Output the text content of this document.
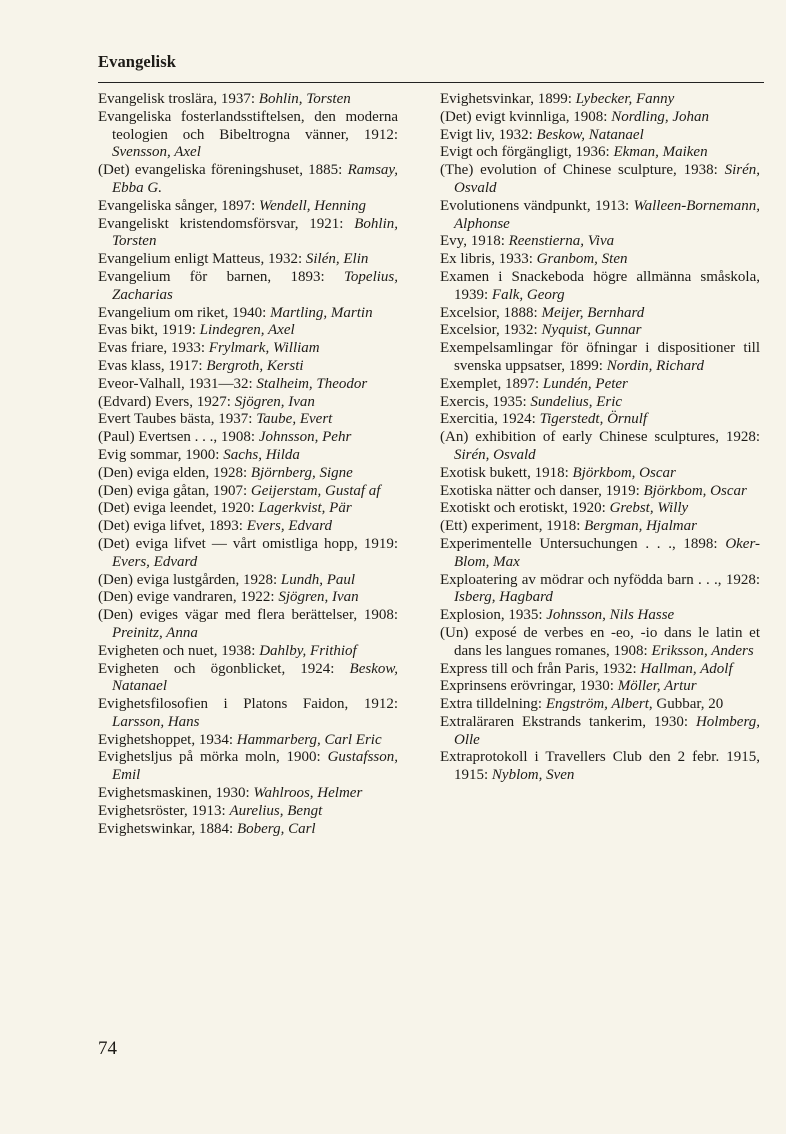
Evangelisk
Evangelisk troslära, 1937: Bohlin, Torsten
Evangeliska fosterlandsstiftelsen, den moderna teologien och Bibeltrogna vänner, 1912: Svensson, Axel
(Det) evangeliska föreningshuset, 1885: Ramsay, Ebba G.
Evangeliska sånger, 1897: Wendell, Henning
Evangeliskt kristendomsförsvar, 1921: Bohlin, Torsten
Evangelium enligt Matteus, 1932: Silén, Elin
Evangelium för barnen, 1893: Topelius, Zacharias
Evangelium om riket, 1940: Martling, Martin
Evas bikt, 1919: Lindegren, Axel
Evas friare, 1933: Frylmark, William
Evas klass, 1917: Bergroth, Kersti
Eveor-Valhall, 1931—32: Stalheim, Theodor
(Edvard) Evers, 1927: Sjögren, Ivan
Evert Taubes bästa, 1937: Taube, Evert
(Paul) Evertsen . . ., 1908: Johnsson, Pehr
Evig sommar, 1900: Sachs, Hilda
(Den) eviga elden, 1928: Björnberg, Signe
(Den) eviga gåtan, 1907: Geijerstam, Gustaf af
(Det) eviga leendet, 1920: Lagerkvist, Pär
(Det) eviga lifvet, 1893: Evers, Edvard
(Det) eviga lifvet — vårt omistliga hopp, 1919: Evers, Edvard
(Den) eviga lustgården, 1928: Lundh, Paul
(Den) evige vandraren, 1922: Sjögren, Ivan
(Den) eviges vägar med flera berättelser, 1908: Preinitz, Anna
Evigheten och nuet, 1938: Dahlby, Frithiof
Evigheten och ögonblicket, 1924: Beskow, Natanael
Evighetsfilosofien i Platons Faidon, 1912: Larsson, Hans
Evighetshoppet, 1934: Hammarberg, Carl Eric
Evighetsljus på mörka moln, 1900: Gustafsson, Emil
Evighetsmaskinen, 1930: Wahlroos, Helmer
Evighetsröster, 1913: Aurelius, Bengt
Evighetswinkar, 1884: Boberg, Carl
Evighetsvinkar, 1899: Lybecker, Fanny
(Det) evigt kvinnliga, 1908: Nordling, Johan
Evigt liv, 1932: Beskow, Natanael
Evigt och förgängligt, 1936: Ekman, Maiken
(The) evolution of Chinese sculpture, 1938: Sirén, Osvald
Evolutionens vändpunkt, 1913: Walleen-Bornemann, Alphonse
Evy, 1918: Reenstierna, Viva
Ex libris, 1933: Granbom, Sten
Examen i Snackeboda högre allmänna småskola, 1939: Falk, Georg
Excelsior, 1888: Meijer, Bernhard
Excelsior, 1932: Nyquist, Gunnar
Exempelsamlingar för öfningar i dispositioner till svenska uppsatser, 1899: Nordin, Richard
Exemplet, 1897: Lundén, Peter
Exercis, 1935: Sundelius, Eric
Exercitia, 1924: Tigerstedt, Örnulf
(An) exhibition of early Chinese sculptures, 1928: Sirén, Osvald
Exotisk bukett, 1918: Björkbom, Oscar
Exotiska nätter och danser, 1919: Björkbom, Oscar
Exotiskt och erotiskt, 1920: Grebst, Willy
(Ett) experiment, 1918: Bergman, Hjalmar
Experimentelle Untersuchungen . . ., 1898: Oker-Blom, Max
Exploatering av mödrar och nyfödda barn . . ., 1928: Isberg, Hagbard
Explosion, 1935: Johnsson, Nils Hasse
(Un) exposé de verbes en -eo, -io dans le latin et dans les langues romanes, 1908: Eriksson, Anders
Express till och från Paris, 1932: Hallman, Adolf
Exprinsens erövringar, 1930: Möller, Artur
Extra tilldelning: Engström, Albert, Gubbar, 20
Extraläraren Ekstrands tankerim, 1930: Holmberg, Olle
Extraprotokoll i Travellers Club den 2 febr. 1915, 1915: Nyblom, Sven
74
